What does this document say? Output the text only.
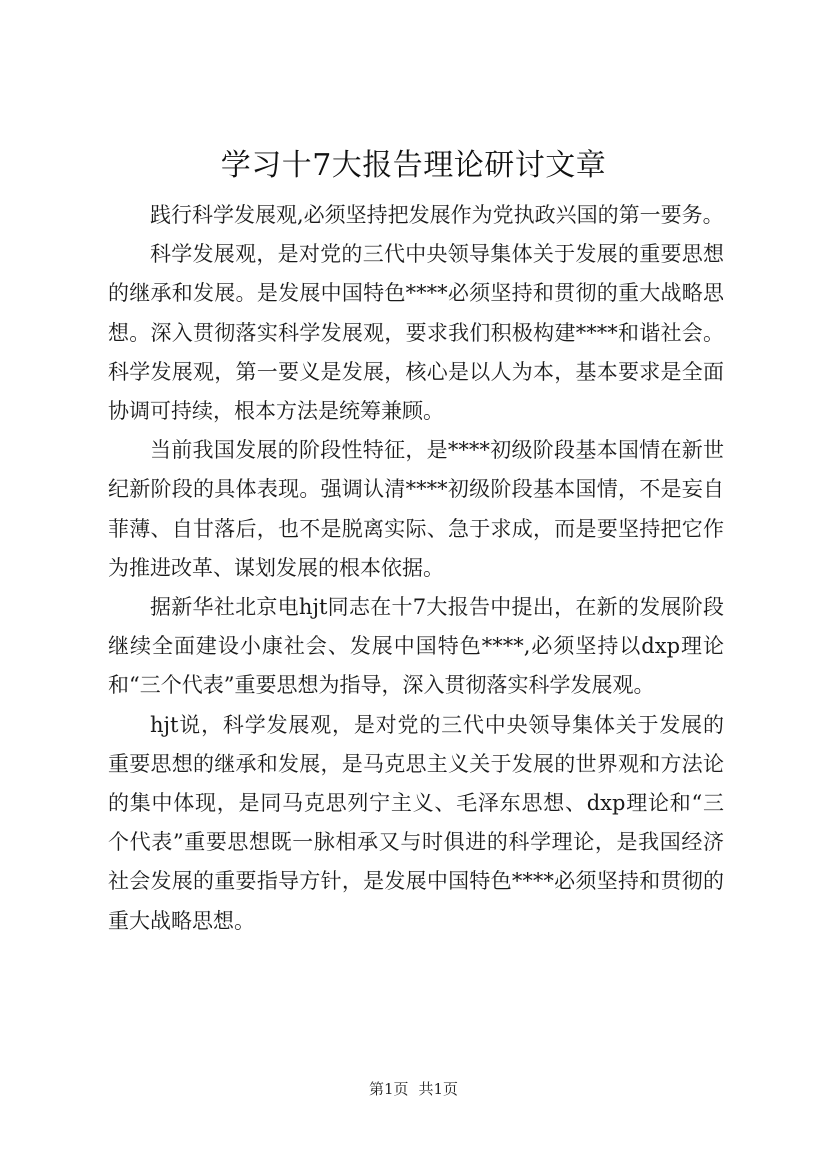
学习十7大报告理论研讨文章

践行科学发展观,必须坚持把发展作为党执政兴国的第一要务。

科学发展观，是对党的三代中央领导集体关于发展的重要思想的继承和发展。是发展中国特色****必须坚持和贯彻的重大战略思想。深入贯彻落实科学发展观，要求我们积极构建****和谐社会。科学发展观，第一要义是发展，核心是以人为本，基本要求是全面协调可持续，根本方法是统筹兼顾。

当前我国发展的阶段性特征，是****初级阶段基本国情在新世纪新阶段的具体表现。强调认清****初级阶段基本国情，不是妄自菲薄、自甘落后，也不是脱离实际、急于求成，而是要坚持把它作为推进改革、谋划发展的根本依据。

据新华社北京电hjt同志在十7大报告中提出，在新的发展阶段继续全面建设小康社会、发展中国特色****,必须坚持以dxp理论和“三个代表”重要思想为指导，深入贯彻落实科学发展观。

hjt说，科学发展观，是对党的三代中央领导集体关于发展的重要思想的继承和发展，是马克思主义关于发展的世界观和方法论的集中体现，是同马克思列宁主义、毛泽东思想、dxp理论和“三个代表”重要思想既一脉相承又与时俱进的科学理论，是我国经济社会发展的重要指导方针，是发展中国特色****必须坚持和贯彻的重大战略思想。

第1页 共1页
